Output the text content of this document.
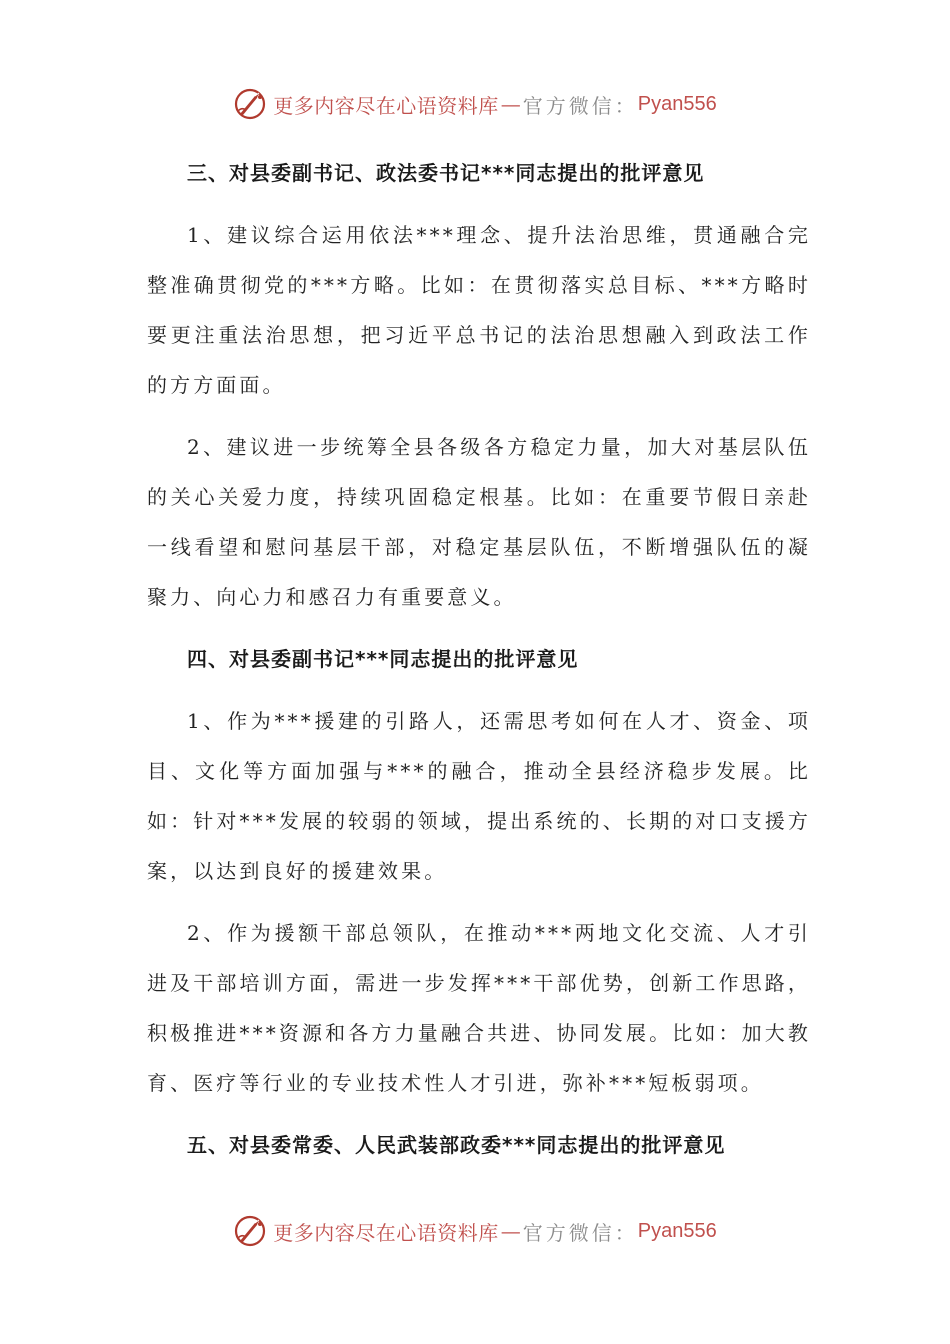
更多内容尽在心语资料库 — 官方微信： Pyan556
三、对县委副书记、政法委书记***同志提出的批评意见

1、建议综合运用依法***理念、提升法治思维，贯通融合完整准确贯彻党的***方略。比如：在贯彻落实总目标、***方略时要更注重法治思想，把习近平总书记的法治思想融入到政法工作的方方面面。

2、建议进一步统筹全县各级各方稳定力量，加大对基层队伍的关心关爱力度，持续巩固稳定根基。比如：在重要节假日亲赴一线看望和慰问基层干部，对稳定基层队伍，不断增强队伍的凝聚力、向心力和感召力有重要意义。

四、对县委副书记***同志提出的批评意见

1、作为***援建的引路人，还需思考如何在人才、资金、项目、文化等方面加强与***的融合，推动全县经济稳步发展。比如：针对***发展的较弱的领域，提出系统的、长期的对口支援方案，以达到良好的援建效果。

2、作为援额干部总领队，在推动***两地文化交流、人才引进及干部培训方面，需进一步发挥***干部优势，创新工作思路，积极推进***资源和各方力量融合共进、协同发展。比如：加大教育、医疗等行业的专业技术性人才引进，弥补***短板弱项。

五、对县委常委、人民武装部政委***同志提出的批评意见
更多内容尽在心语资料库 — 官方微信： Pyan556
